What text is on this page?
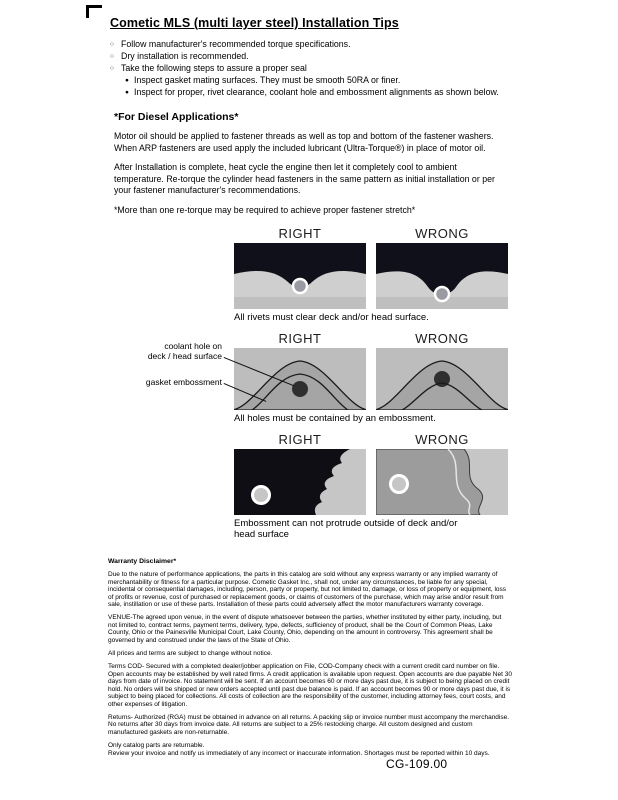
Cometic MLS (multi layer steel) Installation Tips
○ Follow manufacturer's recommended torque specifications.
○ Dry installation is recommended.
○ Take the following steps to assure a proper seal
● Inspect gasket mating surfaces. They must be smooth 50RA or finer.
● Inspect for proper, rivet clearance, coolant hole and embossment alignments as shown below.
*For Diesel Applications*

Motor oil should be applied to fastener threads as well as top and bottom of the fastener washers. When ARP fasteners are used apply the included lubricant (Ultra-Torque®) in place of motor oil.

After Installation is complete, heat cycle the engine then let it completely cool to ambient temperature. Re-torque the cylinder head fasteners in the same pattern as initial installation or per your fastener manufacturer's recommendations.

*More than one re-torque may be required to achieve proper fastener stretch*

RIGHT	WRONG
All rivets must clear deck and/or head surface.
coolant hole on
deck / head surface
gasket embossment
RIGHT	WRONG
All holes must be contained by an embossment.
RIGHT	WRONG
Embossment can not protrude outside of deck and/or head surface
Warranty Disclaimer*

Due to the nature of performance applications, the parts in this catalog are sold without any express warranty or any implied warranty of merchantability or fitness for a particular purpose. Cometic Gasket Inc., shall not, under any circumstances, be liable for any special, incidental or consequential damages, including, person, party or property, but not limited to, damage, or loss of property or equipment, loss of profits or revenue, cost of purchased or replacement goods, or claims of customers of the purchase, which may arise and/or result from sale, instillation or use of these parts. Installation of these parts could adversely affect the motor manufacturers warranty coverage.

VENUE-The agreed upon venue, in the event of dispute whatsoever between the parties, whether instituted by either party, including, but not limited to, contract terms, payment terms, delivery, type, defects, sufficiency of product, shall be the Court of Common Pleas, Lake County, Ohio or the Painesville Municipal Court, Lake County, Ohio, depending on the amount in controversy. This agreement shall be governed by and construed under the laws of the State of Ohio.

All prices and terms are subject to change without notice.

Terms COD- Secured with a completed dealer/jobber application on File, COD-Company check with a current credit card number on file. Open accounts may be established by well rated firms. A credit application is available upon request. Open accounts are due payable Net 30 days from date of invoice. No statement will be sent. If an account becomes 60 or more days past due, it is subject to being placed on credit hold. No orders will be shipped or new orders accepted until past due balance is paid. If an account becomes 90 or more days past due, it is subject to being placed for collections. All costs of collection are the responsibility of the customer, including attorney fees, court costs, and other expenses of litigation.

Returns- Authorized (RGA) must be obtained in advance on all returns. A packing slip or invoice number must accompany the merchandise. No returns after 30 days from invoice date. All returns are subject to a 25% restocking charge. All custom designed and custom manufactured gaskets are non-returnable.

Only catalog parts are returnable.

Review your invoice and notify us immediately of any incorrect or inaccurate information. Shortages must be reported within 10 days.

CG-109.00
